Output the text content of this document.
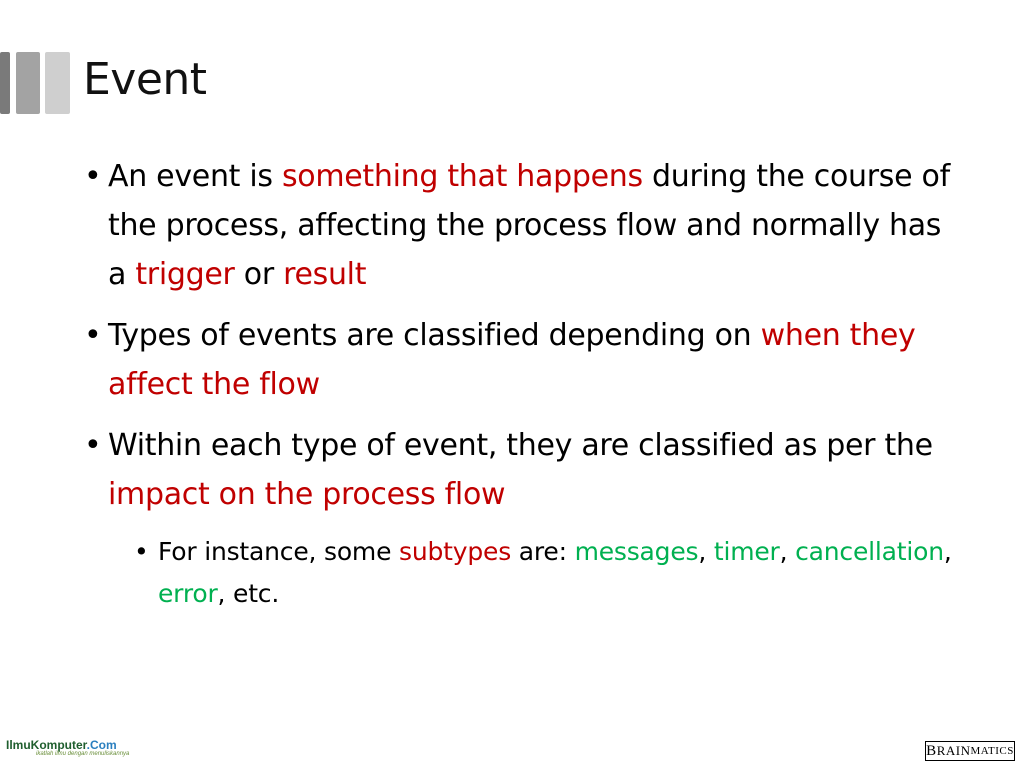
Event
• An event is something that happens during the course of the process, affecting the process flow and normally has a trigger or result
• Types of events are classified depending on when they affect the flow
• Within each type of event, they are classified as per the impact on the process flow
• For instance, some subtypes are: messages, timer, cancellation, error, etc.
IlmuKomputer.Com
ikatlah ilmu dengan menuliskannya	B RAIN MATICS
